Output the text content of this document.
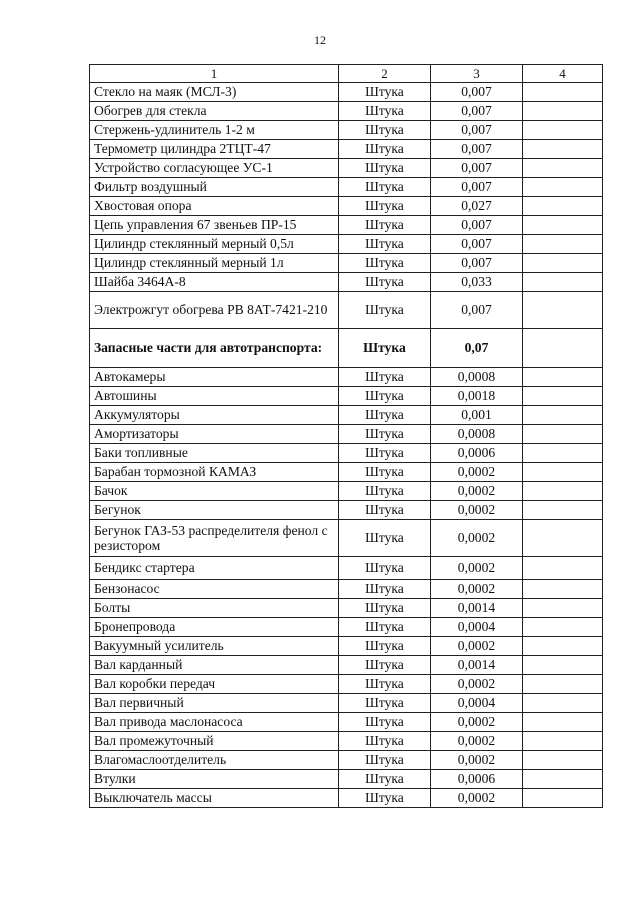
12
1	2	3	4
Стекло на маяк (МСЛ-3)	Штука	0,007	
Обогрев для стекла	Штука	0,007	
Стержень-удлинитель 1-2 м	Штука	0,007	
Термометр цилиндра 2ТЦТ-47	Штука	0,007	
Устройство согласующее УС-1	Штука	0,007	
Фильтр воздушный	Штука	0,007	
Хвостовая опора	Штука	0,027	
Цепь управления 67 звеньев ПР-15	Штука	0,007	
Цилиндр стеклянный мерный 0,5л	Штука	0,007	
Цилиндр стеклянный мерный 1л	Штука	0,007	
Шайба 3464А-8	Штука	0,033	
Электрожгут обогрева РВ 8АТ-7421-210	Штука	0,007	
Запасные части для автотранспорта:	Штука	0,07	
Автокамеры	Штука	0,0008	
Автошины	Штука	0,0018	
Аккумуляторы	Штука	0,001	
Амортизаторы	Штука	0,0008	
Баки топливные	Штука	0,0006	
Барабан тормозной КАМАЗ	Штука	0,0002	
Бачок	Штука	0,0002	
Бегунок	Штука	0,0002	
Бегунок ГАЗ-53 распределителя фенол с резистором	Штука	0,0002	
Бендикс стартера	Штука	0,0002	
Бензонасос	Штука	0,0002	
Болты	Штука	0,0014	
Бронепровода	Штука	0,0004	
Вакуумный усилитель	Штука	0,0002	
Вал карданный	Штука	0,0014	
Вал коробки передач	Штука	0,0002	
Вал первичный	Штука	0,0004	
Вал привода маслонасоса	Штука	0,0002	
Вал промежуточный	Штука	0,0002	
Влагомаслоотделитель	Штука	0,0002	
Втулки	Штука	0,0006	
Выключатель массы	Штука	0,0002	
